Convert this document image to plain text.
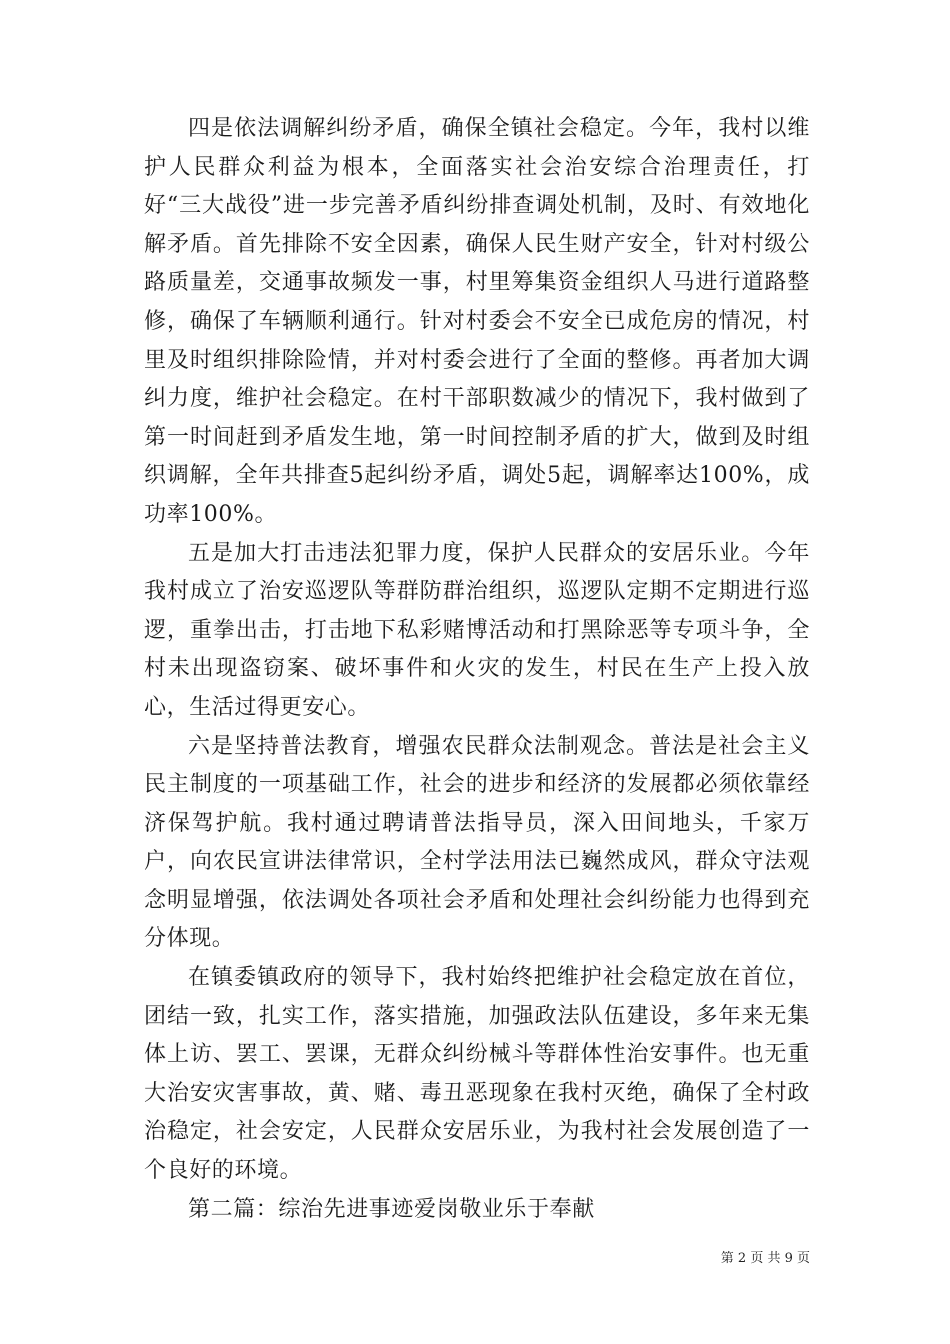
四是依法调解纠纷矛盾，确保全镇社会稳定。今年，我村以维护人民群众利益为根本，全面落实社会治安综合治理责任，打好“三大战役”进一步完善矛盾纠纷排查调处机制，及时、有效地化解矛盾。首先排除不安全因素，确保人民生财产安全，针对村级公路质量差，交通事故频发一事，村里筹集资金组织人马进行道路整修，确保了车辆顺利通行。针对村委会不安全已成危房的情况，村里及时组织排除险情，并对村委会进行了全面的整修。再者加大调纠力度，维护社会稳定。在村干部职数减少的情况下，我村做到了第一时间赶到矛盾发生地，第一时间控制矛盾的扩大，做到及时组织调解，全年共排查5起纠纷矛盾，调处5起，调解率达100%，成功率100%。

五是加大打击违法犯罪力度，保护人民群众的安居乐业。今年我村成立了治安巡逻队等群防群治组织，巡逻队定期不定期进行巡逻，重拳出击，打击地下私彩赌博活动和打黑除恶等专项斗争，全村未出现盗窃案、破坏事件和火灾的发生，村民在生产上投入放心，生活过得更安心。

六是坚持普法教育，增强农民群众法制观念。普法是社会主义民主制度的一项基础工作，社会的进步和经济的发展都必须依靠经济保驾护航。我村通过聘请普法指导员，深入田间地头，千家万户，向农民宣讲法律常识，全村学法用法已巍然成风，群众守法观念明显增强，依法调处各项社会矛盾和处理社会纠纷能力也得到充分体现。

在镇委镇政府的领导下，我村始终把维护社会稳定放在首位，团结一致，扎实工作，落实措施，加强政法队伍建设，多年来无集体上访、罢工、罢课，无群众纠纷械斗等群体性治安事件。也无重大治安灾害事故，黄、赌、毒丑恶现象在我村灭绝，确保了全村政治稳定，社会安定，人民群众安居乐业，为我村社会发展创造了一个良好的环境。

第二篇：综治先进事迹爱岗敬业乐于奉献

第 2 页 共 9 页
